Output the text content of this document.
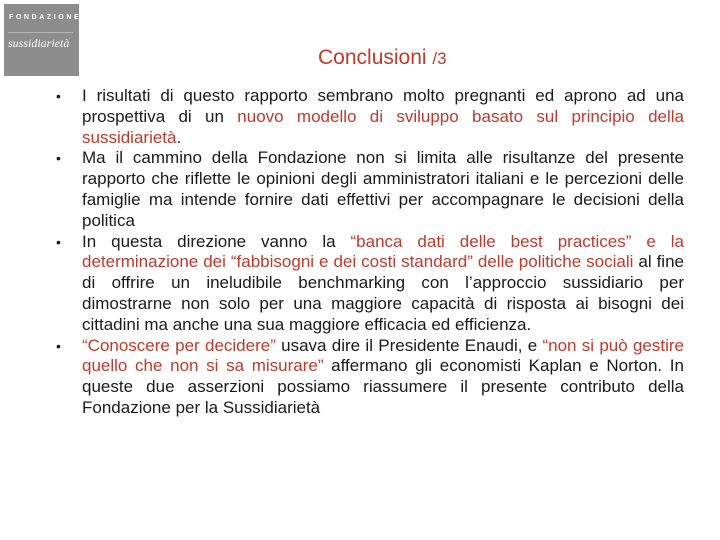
FONDAZIONE
sussidiarietà
Conclusioni /3
• I risultati di questo rapporto sembrano molto pregnanti ed aprono ad una prospettiva di un nuovo modello di sviluppo basato sul principio della sussidiarietà.
• Ma il cammino della Fondazione non si limita alle risultanze del presente rapporto che riflette le opinioni degli amministratori italiani e le percezioni delle famiglie ma intende fornire dati effettivi per accompagnare le decisioni della politica
• In questa direzione vanno la “banca dati delle best practices” e la determinazione dei “fabbisogni e dei costi standard” delle politiche sociali al fine di offrire un ineludibile benchmarking con l’approccio sussidiario per dimostrarne non solo per una maggiore capacità di risposta ai bisogni dei cittadini ma anche una sua maggiore efficacia ed efficienza.
• “Conoscere per decidere” usava dire il Presidente Enaudi, e “non si può gestire quello che non si sa misurare” affermano gli economisti Kaplan e Norton. In queste due asserzioni possiamo riassumere il presente contributo della Fondazione per la Sussidiarietà
